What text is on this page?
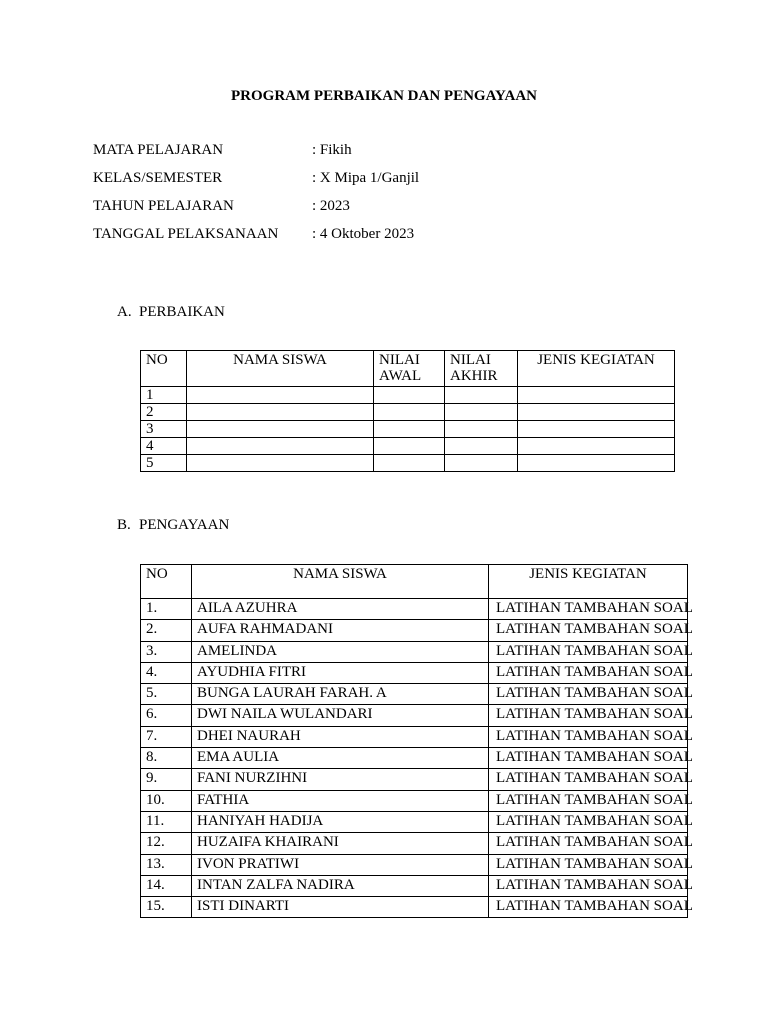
PROGRAM PERBAIKAN DAN PENGAYAAN
MATA PELAJARAN	: Fikih
KELAS/SEMESTER	: X Mipa 1/Ganjil
TAHUN PELAJARAN	: 2023
TANGGAL PELAKSANAAN	: 4 Oktober 2023
A. PERBAIKAN
NO	NAMA SISWA	NILAI AWAL	NILAI AKHIR	JENIS KEGIATAN
1				
2				
3				
4				
5				
B. PENGAYAAN
NO	NAMA SISWA	JENIS KEGIATAN
1.	AILA AZUHRA	LATIHAN TAMBAHAN SOAL
2.	AUFA RAHMADANI	LATIHAN TAMBAHAN SOAL
3.	AMELINDA	LATIHAN TAMBAHAN SOAL
4.	AYUDHIA FITRI	LATIHAN TAMBAHAN SOAL
5.	BUNGA LAURAH FARAH. A	LATIHAN TAMBAHAN SOAL
6.	DWI NAILA WULANDARI	LATIHAN TAMBAHAN SOAL
7.	DHEI NAURAH	LATIHAN TAMBAHAN SOAL
8.	EMA AULIA	LATIHAN TAMBAHAN SOAL
9.	FANI NURZIHNI	LATIHAN TAMBAHAN SOAL
10.	FATHIA	LATIHAN TAMBAHAN SOAL
11.	HANIYAH HADIJA	LATIHAN TAMBAHAN SOAL
12.	HUZAIFA KHAIRANI	LATIHAN TAMBAHAN SOAL
13.	IVON PRATIWI	LATIHAN TAMBAHAN SOAL
14.	INTAN ZALFA NADIRA	LATIHAN TAMBAHAN SOAL
15.	ISTI DINARTI	LATIHAN TAMBAHAN SOAL
